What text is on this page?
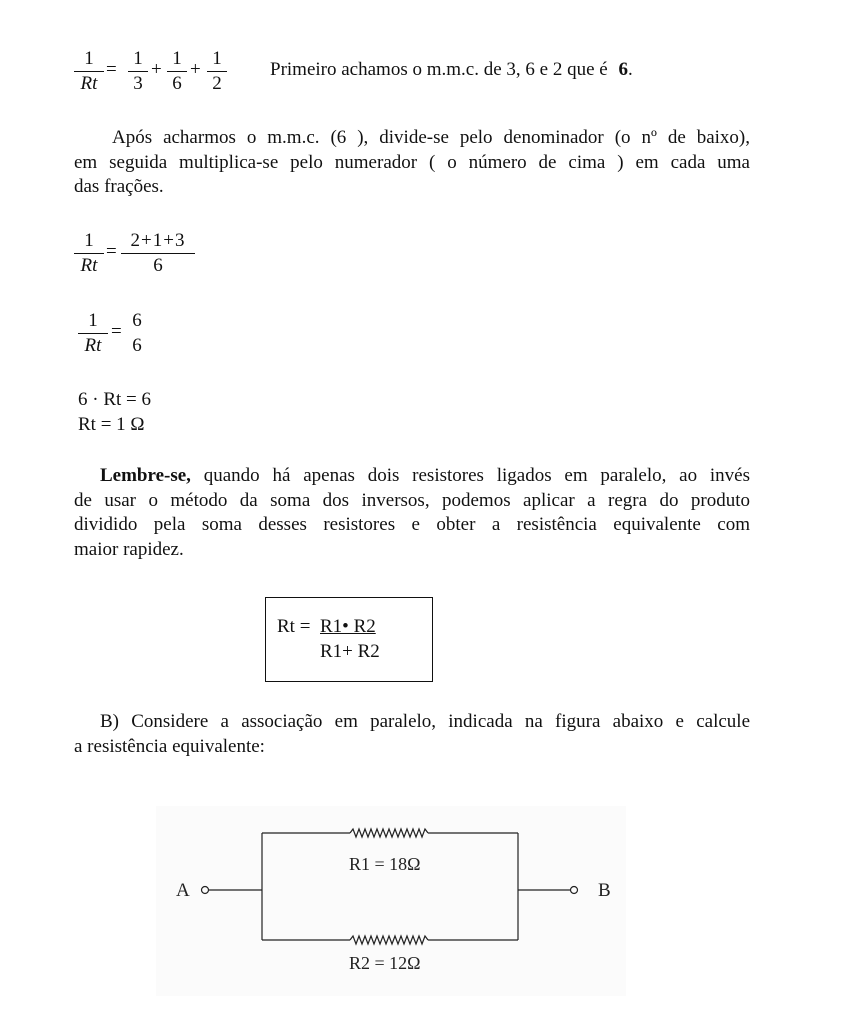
1
Rt
=
1
3
+
1
6
+
1
2
Primeiro achamos o m.m.c. de 3, 6 e 2 que é 6.
Após acharmos o m.m.c. (6 ), divide-se pelo denominador (o nº de baixo),
em seguida multiplica-se pelo numerador ( o número de cima ) em cada uma
das frações.
1
Rt
=
2+1+3
6
1
Rt
=
6
6
6 · Rt = 6
Rt = 1 Ω
Lembre-se, quando há apenas dois resistores ligados em paralelo, ao invés
de usar o método da soma dos inversos, podemos aplicar a regra do produto
dividido pela soma desses resistores e obter a resistência equivalente com
maior rapidez.
Rt = R1• R2
R1+ R2
B) Considere a associação em paralelo, indicada na figura abaixo e calcule
a resistência equivalente:
A	B
R1 = 18Ω
R2 = 12Ω
